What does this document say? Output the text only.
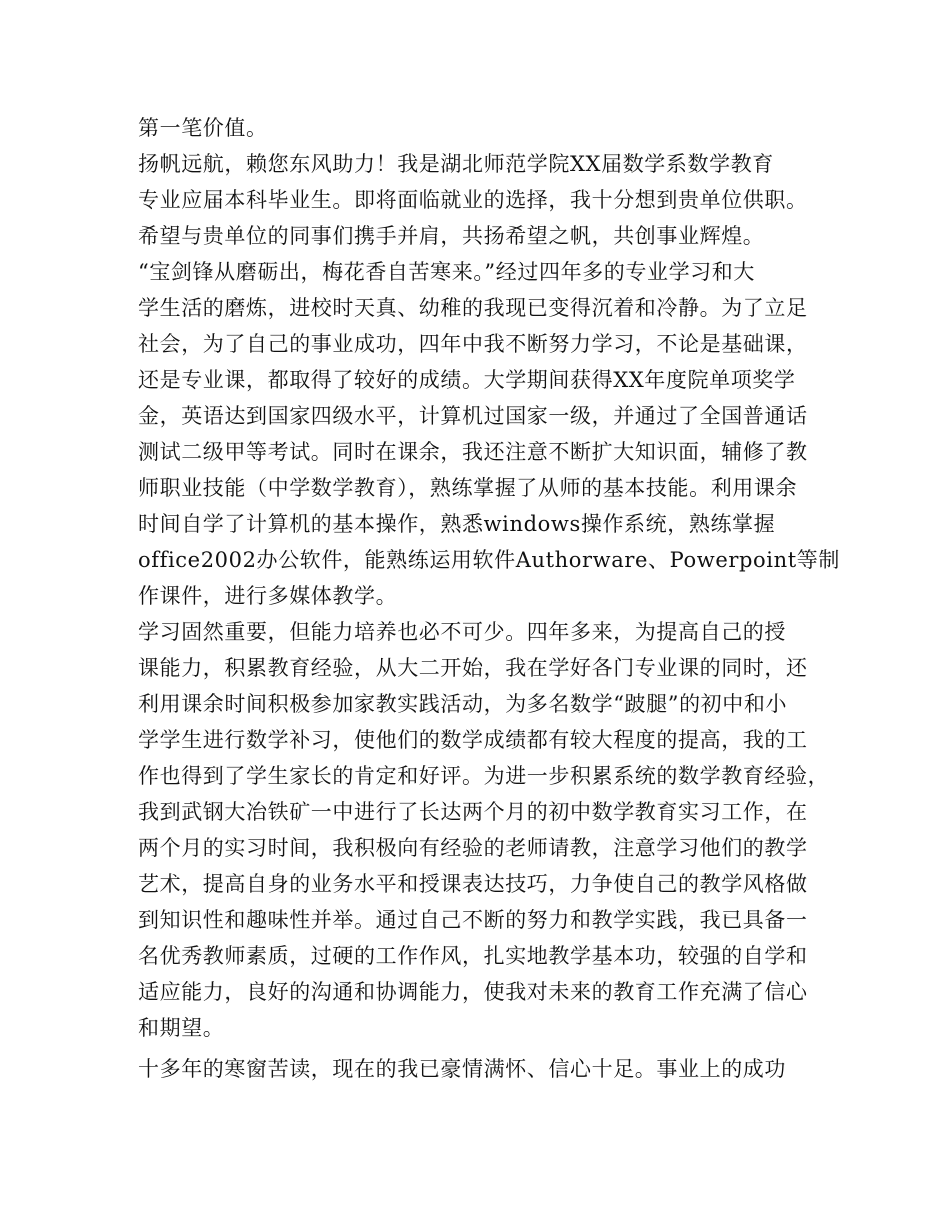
第一笔价值。
扬帆远航，赖您东风助力！我是湖北师范学院XX届数学系数学教育
专业应届本科毕业生。即将面临就业的选择，我十分想到贵单位供职。
希望与贵单位的同事们携手并肩，共扬希望之帆，共创事业辉煌。
“宝剑锋从磨砺出，梅花香自苦寒来。”经过四年多的专业学习和大
学生活的磨炼，进校时天真、幼稚的我现已变得沉着和冷静。为了立足
社会，为了自己的事业成功，四年中我不断努力学习，不论是基础课，
还是专业课，都取得了较好的成绩。大学期间获得XX年度院单项奖学
金，英语达到国家四级水平，计算机过国家一级，并通过了全国普通话
测试二级甲等考试。同时在课余，我还注意不断扩大知识面，辅修了教
师职业技能（中学数学教育），熟练掌握了从师的基本技能。利用课余
时间自学了计算机的基本操作，熟悉windows操作系统，熟练掌握
office2002办公软件，能熟练运用软件Authorware、Powerpoint等制
作课件，进行多媒体教学。
学习固然重要，但能力培养也必不可少。四年多来，为提高自己的授
课能力，积累教育经验，从大二开始，我在学好各门专业课的同时，还
利用课余时间积极参加家教实践活动，为多名数学“跛腿”的初中和小
学学生进行数学补习，使他们的数学成绩都有较大程度的提高，我的工
作也得到了学生家长的肯定和好评。为进一步积累系统的数学教育经验，
我到武钢大冶铁矿一中进行了长达两个月的初中数学教育实习工作，在
两个月的实习时间，我积极向有经验的老师请教，注意学习他们的教学
艺术，提高自身的业务水平和授课表达技巧，力争使自己的教学风格做
到知识性和趣味性并举。通过自己不断的努力和教学实践，我已具备一
名优秀教师素质，过硬的工作作风，扎实地教学基本功，较强的自学和
适应能力，良好的沟通和协调能力，使我对未来的教育工作充满了信心
和期望。
十多年的寒窗苦读，现在的我已豪情满怀、信心十足。事业上的成功
